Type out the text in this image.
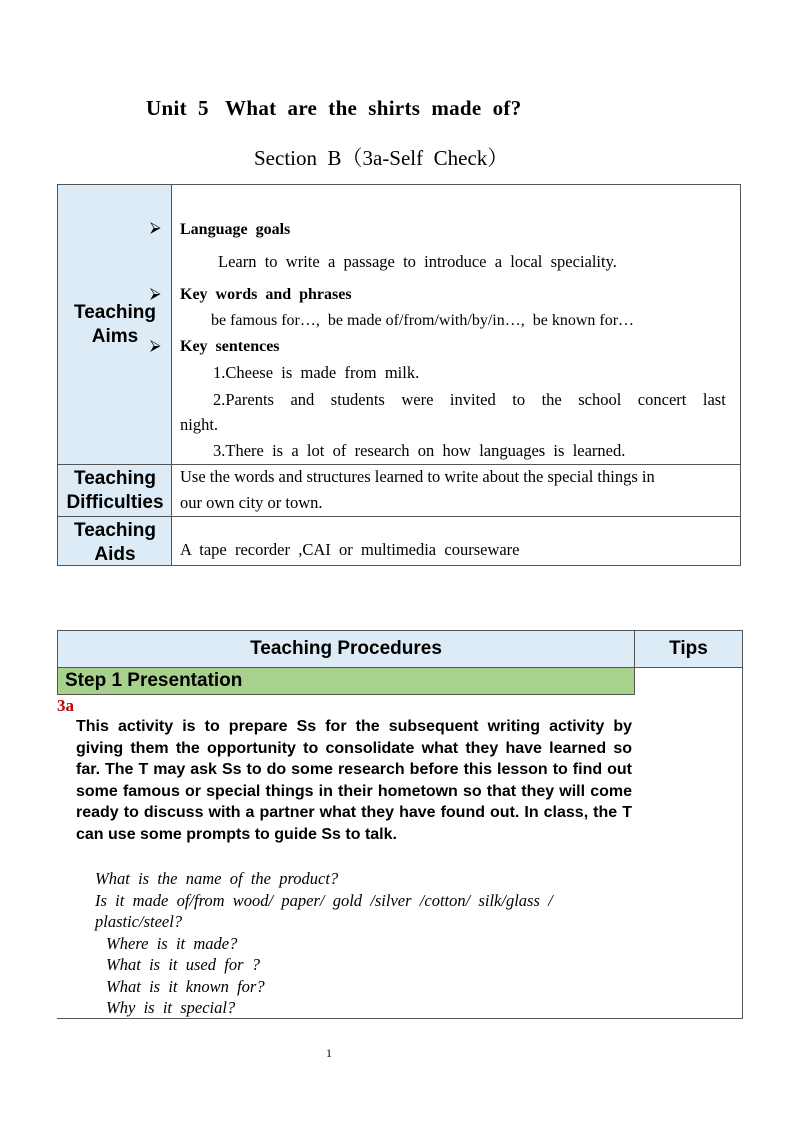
Unit  5   What  are  the  shirts  made  of?
Section  B（3a-Self  Check）
Teaching
Aims
⮚
⮚
⮚
Language  goals
Learn  to  write  a  passage  to  introduce  a  local  speciality.
Key  words  and  phrases
be famous for…,  be made of/from/with/by/in…,  be known for…
Key  sentences
1.Cheese  is  made  from  milk.
2.Parents    and    students    were    invited    to    the    school    concert    last
night.
3.There  is  a  lot  of  research  on  how  languages  is  learned.
Teaching
Difficulties
Use the words and structures learned to write about the special things in
our own city or town.
Teaching
Aids	A  tape  recorder  ,CAI  or  multimedia  courseware
Teaching Procedures	Tips
Step 1 Presentation
3a
This activity is to prepare Ss for the subsequent writing activity by giving them the opportunity to consolidate what they have learned so far. The T may ask Ss to do some research before this lesson to find out some famous or special things in their hometown so that they will come ready to discuss with a partner what they have found out. In class, the T can use some prompts to guide Ss to talk.
What  is  the  name  of  the  product?
Is  it  made  of/from  wood/  paper/  gold  /silver  /cotton/  silk/glass  /
plastic/steel?
Where  is  it  made?
What  is  it  used  for  ?
What  is  it  known  for?
Why  is  it  special?
1
